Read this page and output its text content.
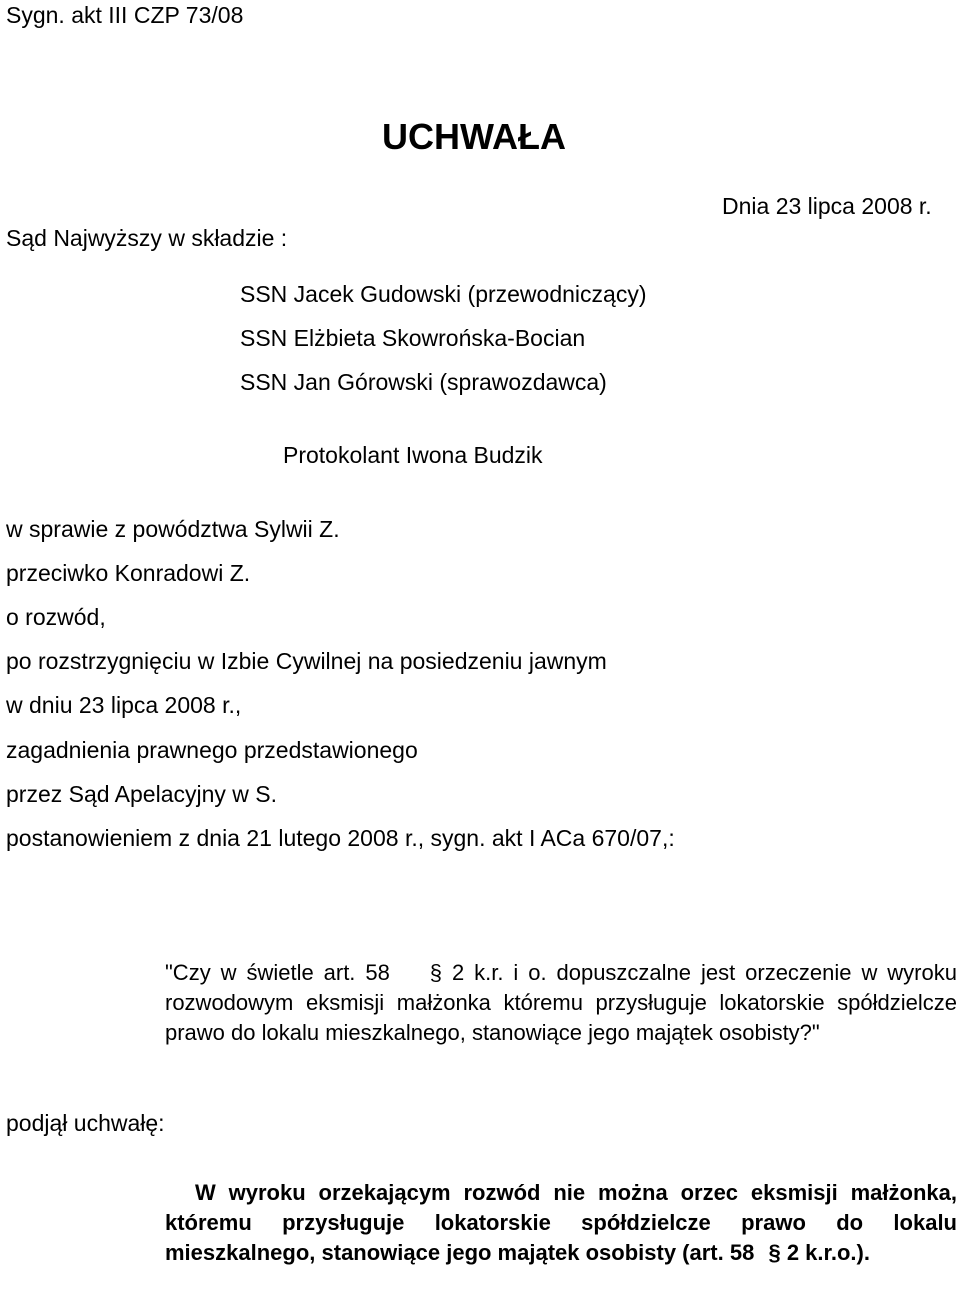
Sygn. akt III CZP 73/08
UCHWAŁA
Dnia 23 lipca 2008 r.
Sąd Najwyższy w składzie :
SSN Jacek Gudowski (przewodniczący)
SSN Elżbieta Skowrońska-Bocian
SSN Jan Górowski (sprawozdawca)
Protokolant Iwona Budzik
w sprawie z powództwa Sylwii Z.
przeciwko Konradowi Z.
o rozwód,
po rozstrzygnięciu w Izbie Cywilnej na posiedzeniu jawnym
w dniu 23 lipca 2008 r.,
zagadnienia prawnego przedstawionego
przez Sąd Apelacyjny w S.
postanowieniem z dnia 21 lutego 2008 r., sygn. akt I ACa 670/07,:
"Czy w świetle art. 58 § 2 k.r. i o. dopuszczalne jest orzeczenie w wyroku rozwodowym eksmisji małżonka któremu przysługuje lokatorskie spółdzielcze prawo do lokalu mieszkalnego, stanowiące jego majątek osobisty?"
podjął uchwałę:
W wyroku orzekającym rozwód nie można orzec eksmisji małżonka, któremu przysługuje lokatorskie spółdzielcze prawo do lokalu mieszkalnego, stanowiące jego majątek osobisty (art. 58 § 2 k.r.o.).
